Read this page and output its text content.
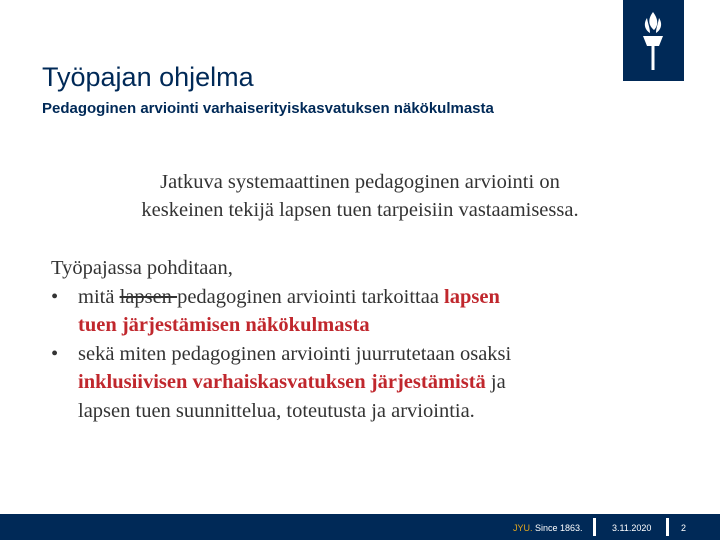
Työpajan ohjelma

Pedagoginen arviointi varhaiserityiskasvatuksen näkökulmasta

Jatkuva systemaattinen pedagoginen arviointi on
keskeinen tekijä lapsen tuen tarpeisiin vastaamisessa.
Työpajassa pohditaan,
• mitä lapsen pedagoginen arviointi tarkoittaa lapsen
tuen järjestämisen näkökulmasta
• sekä miten pedagoginen arviointi juurrutetaan osaksi
inklusiivisen varhaiskasvatuksen järjestämistä ja
lapsen tuen suunnittelua, toteutusta ja arviointia.
JYU. Since 1863.	3.11.2020	2
